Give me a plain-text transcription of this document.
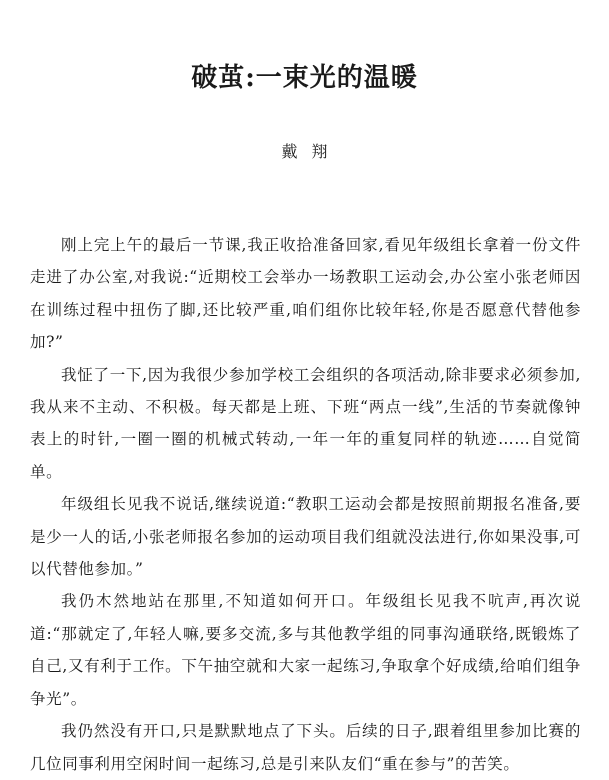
破茧:一束光的温暖
戴翔

刚上完上午的最后一节课,我正收拾准备回家,看见年级组长拿着一份文件走进了办公室,对我说:“近期校工会举办一场教职工运动会,办公室小张老师因在训练过程中扭伤了脚,还比较严重,咱们组你比较年轻,你是否愿意代替他参加?”

我怔了一下,因为我很少参加学校工会组织的各项活动,除非要求必须参加,我从来不主动、不积极。每天都是上班、下班“两点一线”,生活的节奏就像钟表上的时针,一圈一圈的机械式转动,一年一年的重复同样的轨迹……自觉简单。

年级组长见我不说话,继续说道:“教职工运动会都是按照前期报名准备,要是少一人的话,小张老师报名参加的运动项目我们组就没法进行,你如果没事,可以代替他参加。”

我仍木然地站在那里,不知道如何开口。年级组长见我不吭声,再次说道:“那就定了,年轻人嘛,要多交流,多与其他教学组的同事沟通联络,既锻炼了自己,又有利于工作。下午抽空就和大家一起练习,争取拿个好成绩,给咱们组争争光”。

我仍然没有开口,只是默默地点了下头。后续的日子,跟着组里参加比赛的几位同事利用空闲时间一起练习,总是引来队友们“重在参与”的苦笑。
